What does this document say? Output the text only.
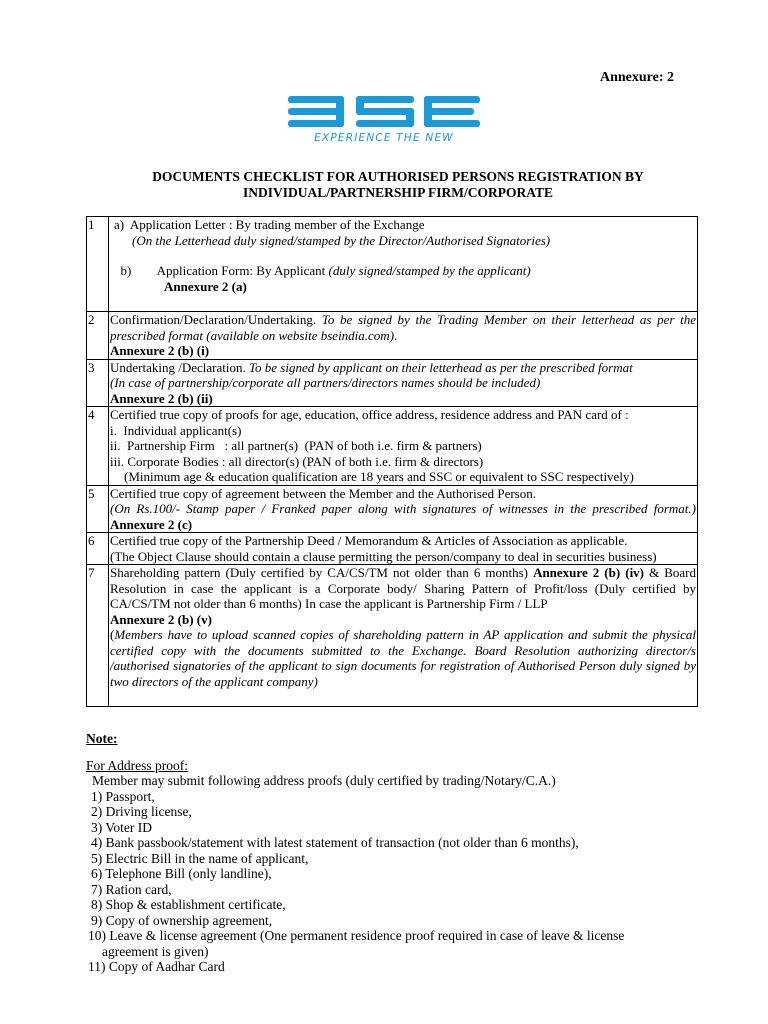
Annexure: 2
EXPERIENCE THE NEW
DOCUMENTS CHECKLIST FOR AUTHORISED PERSONS REGISTRATION BY
INDIVIDUAL/PARTNERSHIP FIRM/CORPORATE
1	a) Application Letter : By trading member of the Exchange
(On the Letterhead duly signed/stamped by the Director/Authorised Signatories)
b) Application Form: By Applicant (duly signed/stamped by the applicant)
Annexure 2 (a)

2	Confirmation/Declaration/Undertaking. To be signed by the Trading Member on their letterhead as per the prescribed format (available on website bseindia.com).
Annexure 2 (b) (i)

3	Undertaking /Declaration. To be signed by applicant on their letterhead as per the prescribed format
(In case of partnership/corporate all partners/directors names should be included)
Annexure 2 (b) (ii)

4	Certified true copy of proofs for age, education, office address, residence address and PAN card of :
i.  Individual applicant(s)
ii.  Partnership Firm   : all partner(s)  (PAN of both i.e. firm & partners)
iii. Corporate Bodies : all director(s) (PAN of both i.e. firm & directors)
(Minimum age & education qualification are 18 years and SSC or equivalent to SSC respectively)

5	Certified true copy of agreement between the Member and the Authorised Person.
(On Rs.100/- Stamp paper / Franked paper along with signatures of witnesses in the prescribed format.) Annexure 2 (c)

6	Certified true copy of the Partnership Deed / Memorandum & Articles of Association as applicable.
(The Object Clause should contain a clause permitting the person/company to deal in securities business)

7	Shareholding pattern (Duly certified by CA/CS/TM not older than 6 months) Annexure 2 (b) (iv) & Board Resolution in case the applicant is a Corporate body/ Sharing Pattern of Profit/loss (Duly certified by CA/CS/TM not older than 6 months) In case the applicant is Partnership Firm / LLP
Annexure 2 (b) (v)
(Members have to upload scanned copies of shareholding pattern in AP application and submit the physical certified copy with the documents submitted to the Exchange. Board Resolution authorizing director/s /authorised signatories of the applicant to sign documents for registration of Authorised Person duly signed by two directors of the applicant company)
Note:
For Address proof:
Member may submit following address proofs (duly certified by trading/Notary/C.A.)
1) Passport,
2) Driving license,
3) Voter ID
4) Bank passbook/statement with latest statement of transaction (not older than 6 months),
5) Electric Bill in the name of applicant,
6) Telephone Bill (only landline),
7) Ration card,
8) Shop & establishment certificate,
9) Copy of ownership agreement,
10) Leave & license agreement (One permanent residence proof required in case of leave & license
agreement is given)
11) Copy of Aadhar Card
